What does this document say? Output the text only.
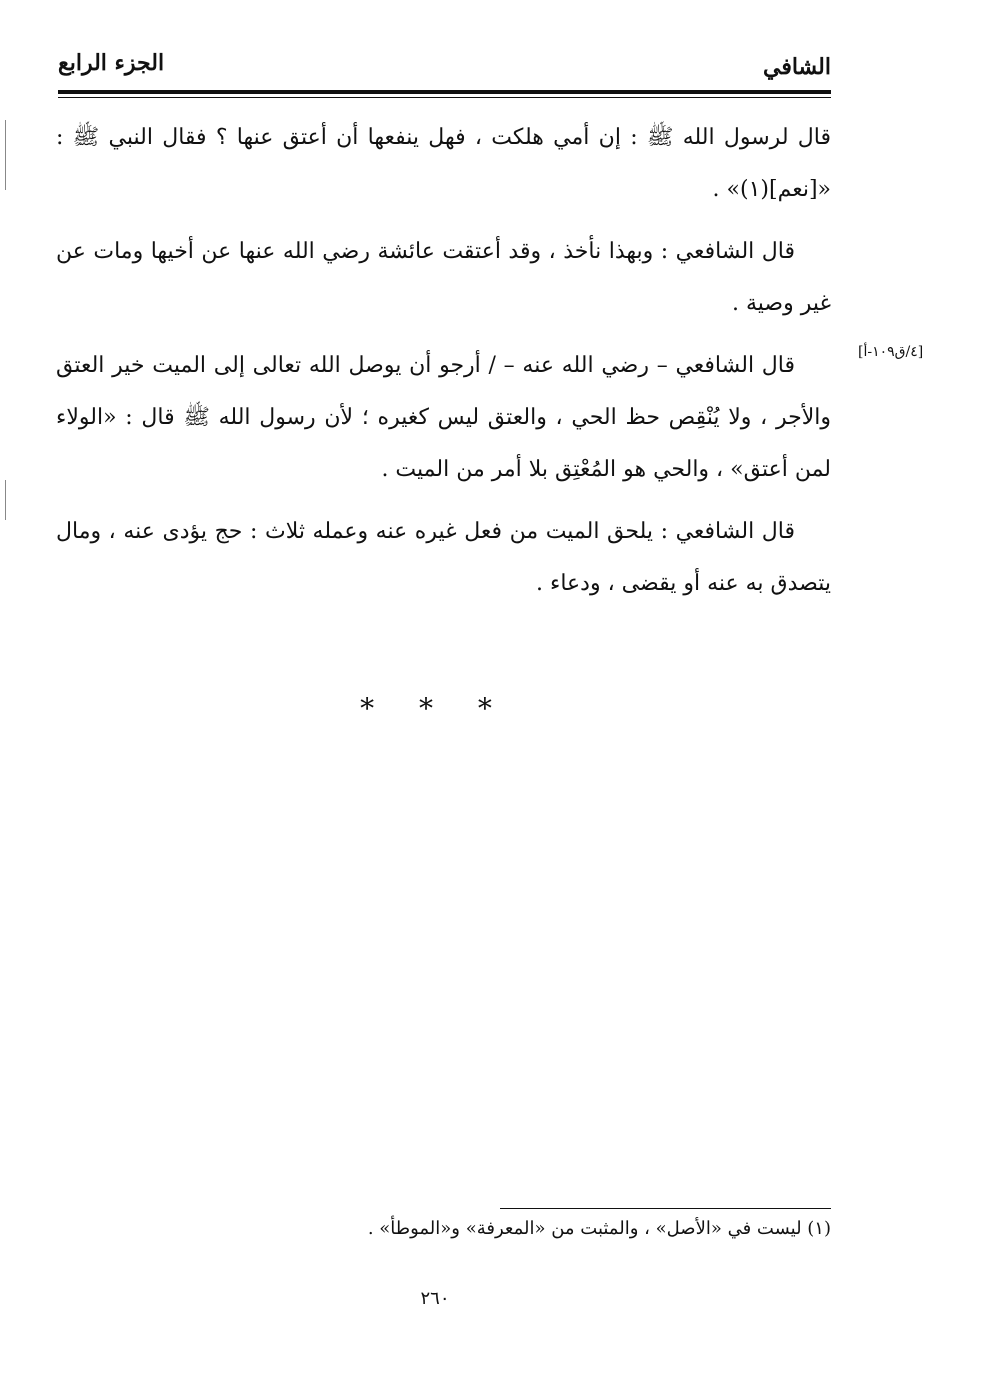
الشافي
الجزء الرابع

قال لرسول الله ﷺ : إن أمي هلكت ، فهل ينفعها أن أعتق عنها ؟ فقال النبي ﷺ : «[نعم](١)» .

قال الشافعي : وبهذا نأخذ ، وقد أعتقت عائشة رضي الله عنها عن أخيها ومات عن غير وصية .

قال الشافعي – رضي الله عنه – / أرجو أن يوصل الله تعالى إلى الميت خير العتق والأجر ، ولا يُنْقِص حظ الحي ، والعتق ليس كغيره ؛ لأن رسول الله ﷺ قال : «الولاء لمن أعتق» ، والحي هو المُعْتِق بلا أمر من الميت .

قال الشافعي : يلحق الميت من فعل غيره عنه وعمله ثلاث : حج يؤدى عنه ، ومال يتصدق به عنه أو يقضى ، ودعاء .

[٤/ق١٠٩-أ]
* * *
(١) ليست في «الأصل» ، والمثبت من «المعرفة» و«الموطأ» .
٢٦٠
